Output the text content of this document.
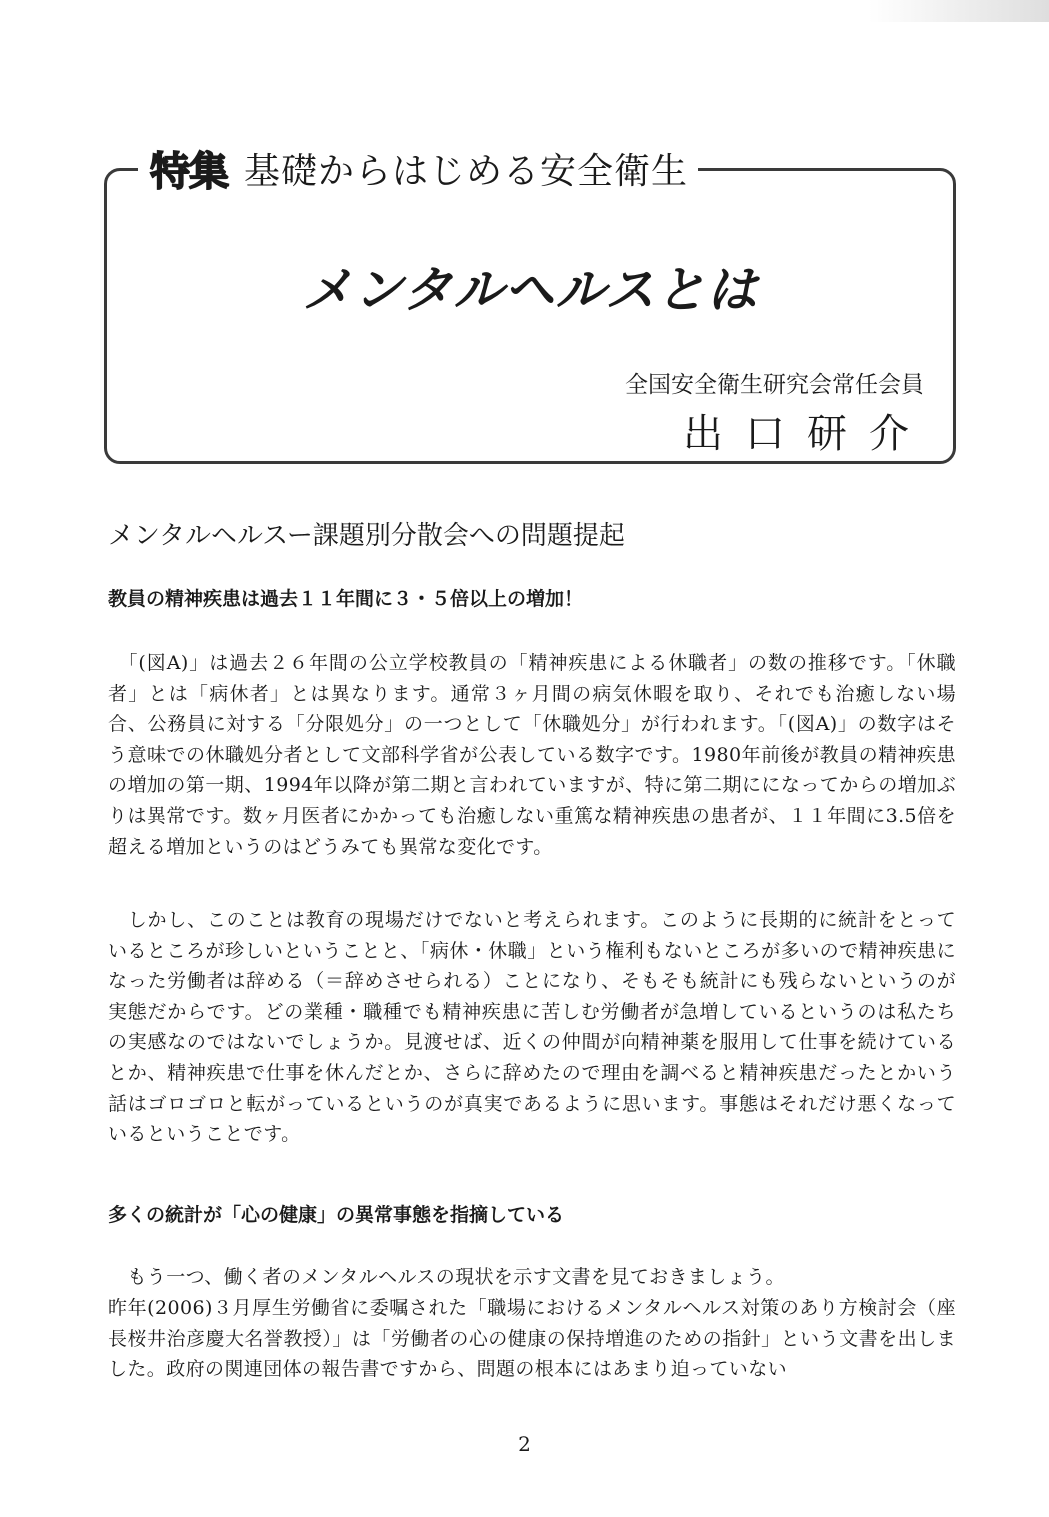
特集 基礎からはじめる安全衛生
メンタルヘルスとは
全国安全衛生研究会常任会員
出口研介
メンタルヘルスー課題別分散会への問題提起
教員の精神疾患は過去１１年間に３・５倍以上の増加！

　「(図A)」は過去２６年間の公立学校教員の「精神疾患による休職者」の数の推移です。「休職者」とは「病休者」とは異なります。通常３ヶ月間の病気休暇を取り、それでも治癒しない場合、公務員に対する「分限処分」の一つとして「休職処分」が行われます。「(図A)」の数字はそう意味での休職処分者として文部科学省が公表している数字です。1980年前後が教員の精神疾患の増加の第一期、1994年以降が第二期と言われていますが、特に第二期にになってからの増加ぶりは異常です。数ヶ月医者にかかっても治癒しない重篤な精神疾患の患者が、１１年間に3.5倍を超える増加というのはどうみても異常な変化です。

　しかし、このことは教育の現場だけでないと考えられます。このように長期的に統計をとっているところが珍しいということと、「病休・休職」という権利もないところが多いので精神疾患になった労働者は辞める（＝辞めさせられる）ことになり、そもそも統計にも残らないというのが実態だからです。どの業種・職種でも精神疾患に苦しむ労働者が急増しているというのは私たちの実感なのではないでしょうか。見渡せば、近くの仲間が向精神薬を服用して仕事を続けているとか、精神疾患で仕事を休んだとか、さらに辞めたので理由を調べると精神疾患だったとかいう話はゴロゴロと転がっているというのが真実であるように思います。事態はそれだけ悪くなっているということです。

多くの統計が「心の健康」の異常事態を指摘している

　もう一つ、働く者のメンタルヘルスの現状を示す文書を見ておきましょう。

昨年(2006)３月厚生労働省に委嘱された「職場におけるメンタルヘルス対策のあり方検討会（座長桜井治彦慶大名誉教授）」は「労働者の心の健康の保持増進のための指針」という文書を出しました。政府の関連団体の報告書ですから、問題の根本にはあまり迫っていない

2
